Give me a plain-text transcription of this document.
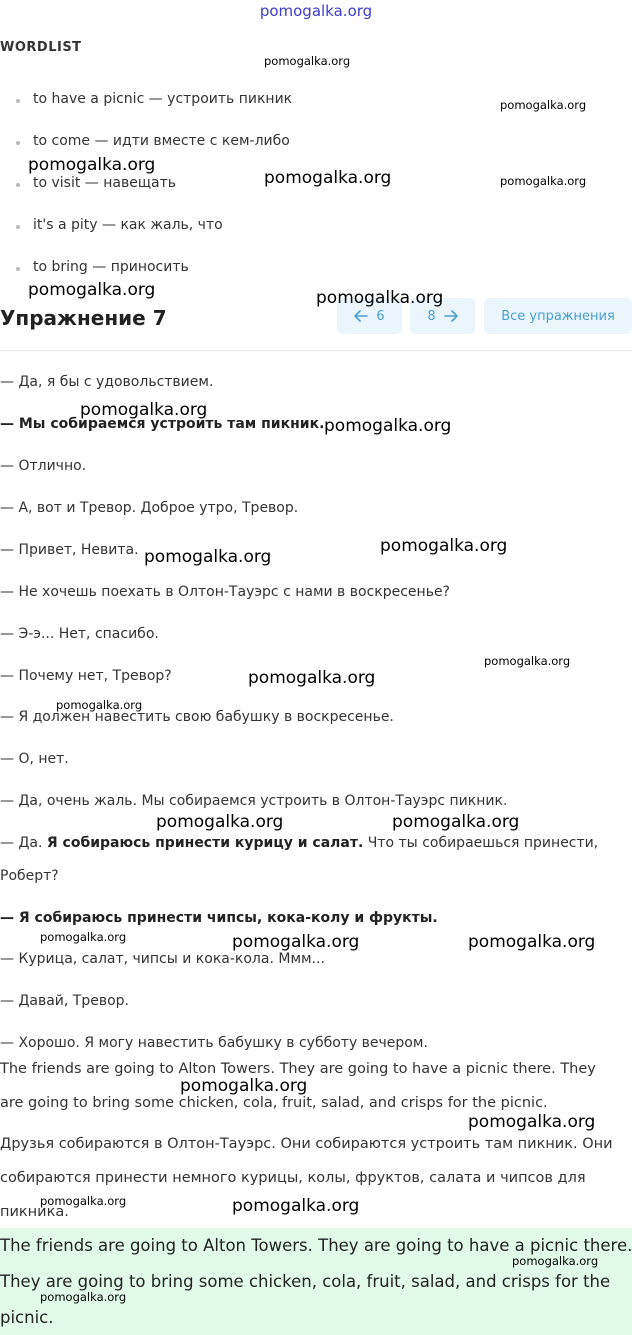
pomogalka.org
WORDLIST
to have a picnic — устроить пикник
to come — идти вместе с кем-либо
to visit — навещать
it's a pity — как жаль, что
to bring — приносить
Упражнение 7	6	8	Все упражнения
— Да, я бы с удовольствием.
— Мы собираемся устроить там пикник.
— Отлично.
— А, вот и Тревор. Доброе утро, Тревор.
— Привет, Невита.
— Не хочешь поехать в Олтон-Тауэрс с нами в воскресенье?
— Э-э... Нет, спасибо.
— Почему нет, Тревор?
— Я должен навестить свою бабушку в воскресенье.
— О, нет.
— Да, очень жаль. Мы собираемся устроить в Олтон-Тауэрс пикник.
— Да. Я собираюсь принести курицу и салат. Что ты собираешься принести,
Роберт?
— Я собираюсь принести чипсы, кока-колу и фрукты.
— Курица, салат, чипсы и кока-кола. Ммм...
— Давай, Тревор.
— Хорошо. Я могу навестить бабушку в субботу вечером.
The friends are going to Alton Towers. They are going to have a picnic there. They
are going to bring some chicken, cola, fruit, salad, and crisps for the picnic.
Друзья собираются в Олтон-Тауэрс. Они собираются устроить там пикник. Они
собираются принести немного курицы, колы, фруктов, салата и чипсов для
пикника.
The friends are going to Alton Towers. They are going to have a picnic there.
They are going to bring some chicken, cola, fruit, salad, and crisps for the
picnic.
pomogalka.org
pomogalka.org
pomogalka.org
pomogalka.org	pomogalka.org
pomogalka.org	pomogalka.org
pomogalka.org
pomogalka.org
pomogalka.org
pomogalka.org
pomogalka.org
pomogalka.org
pomogalka.org
pomogalka.org	pomogalka.org
pomogalka.org	pomogalka.org	pomogalka.org
pomogalka.org
pomogalka.org
pomogalka.org	pomogalka.org
pomogalka.org
pomogalka.org
